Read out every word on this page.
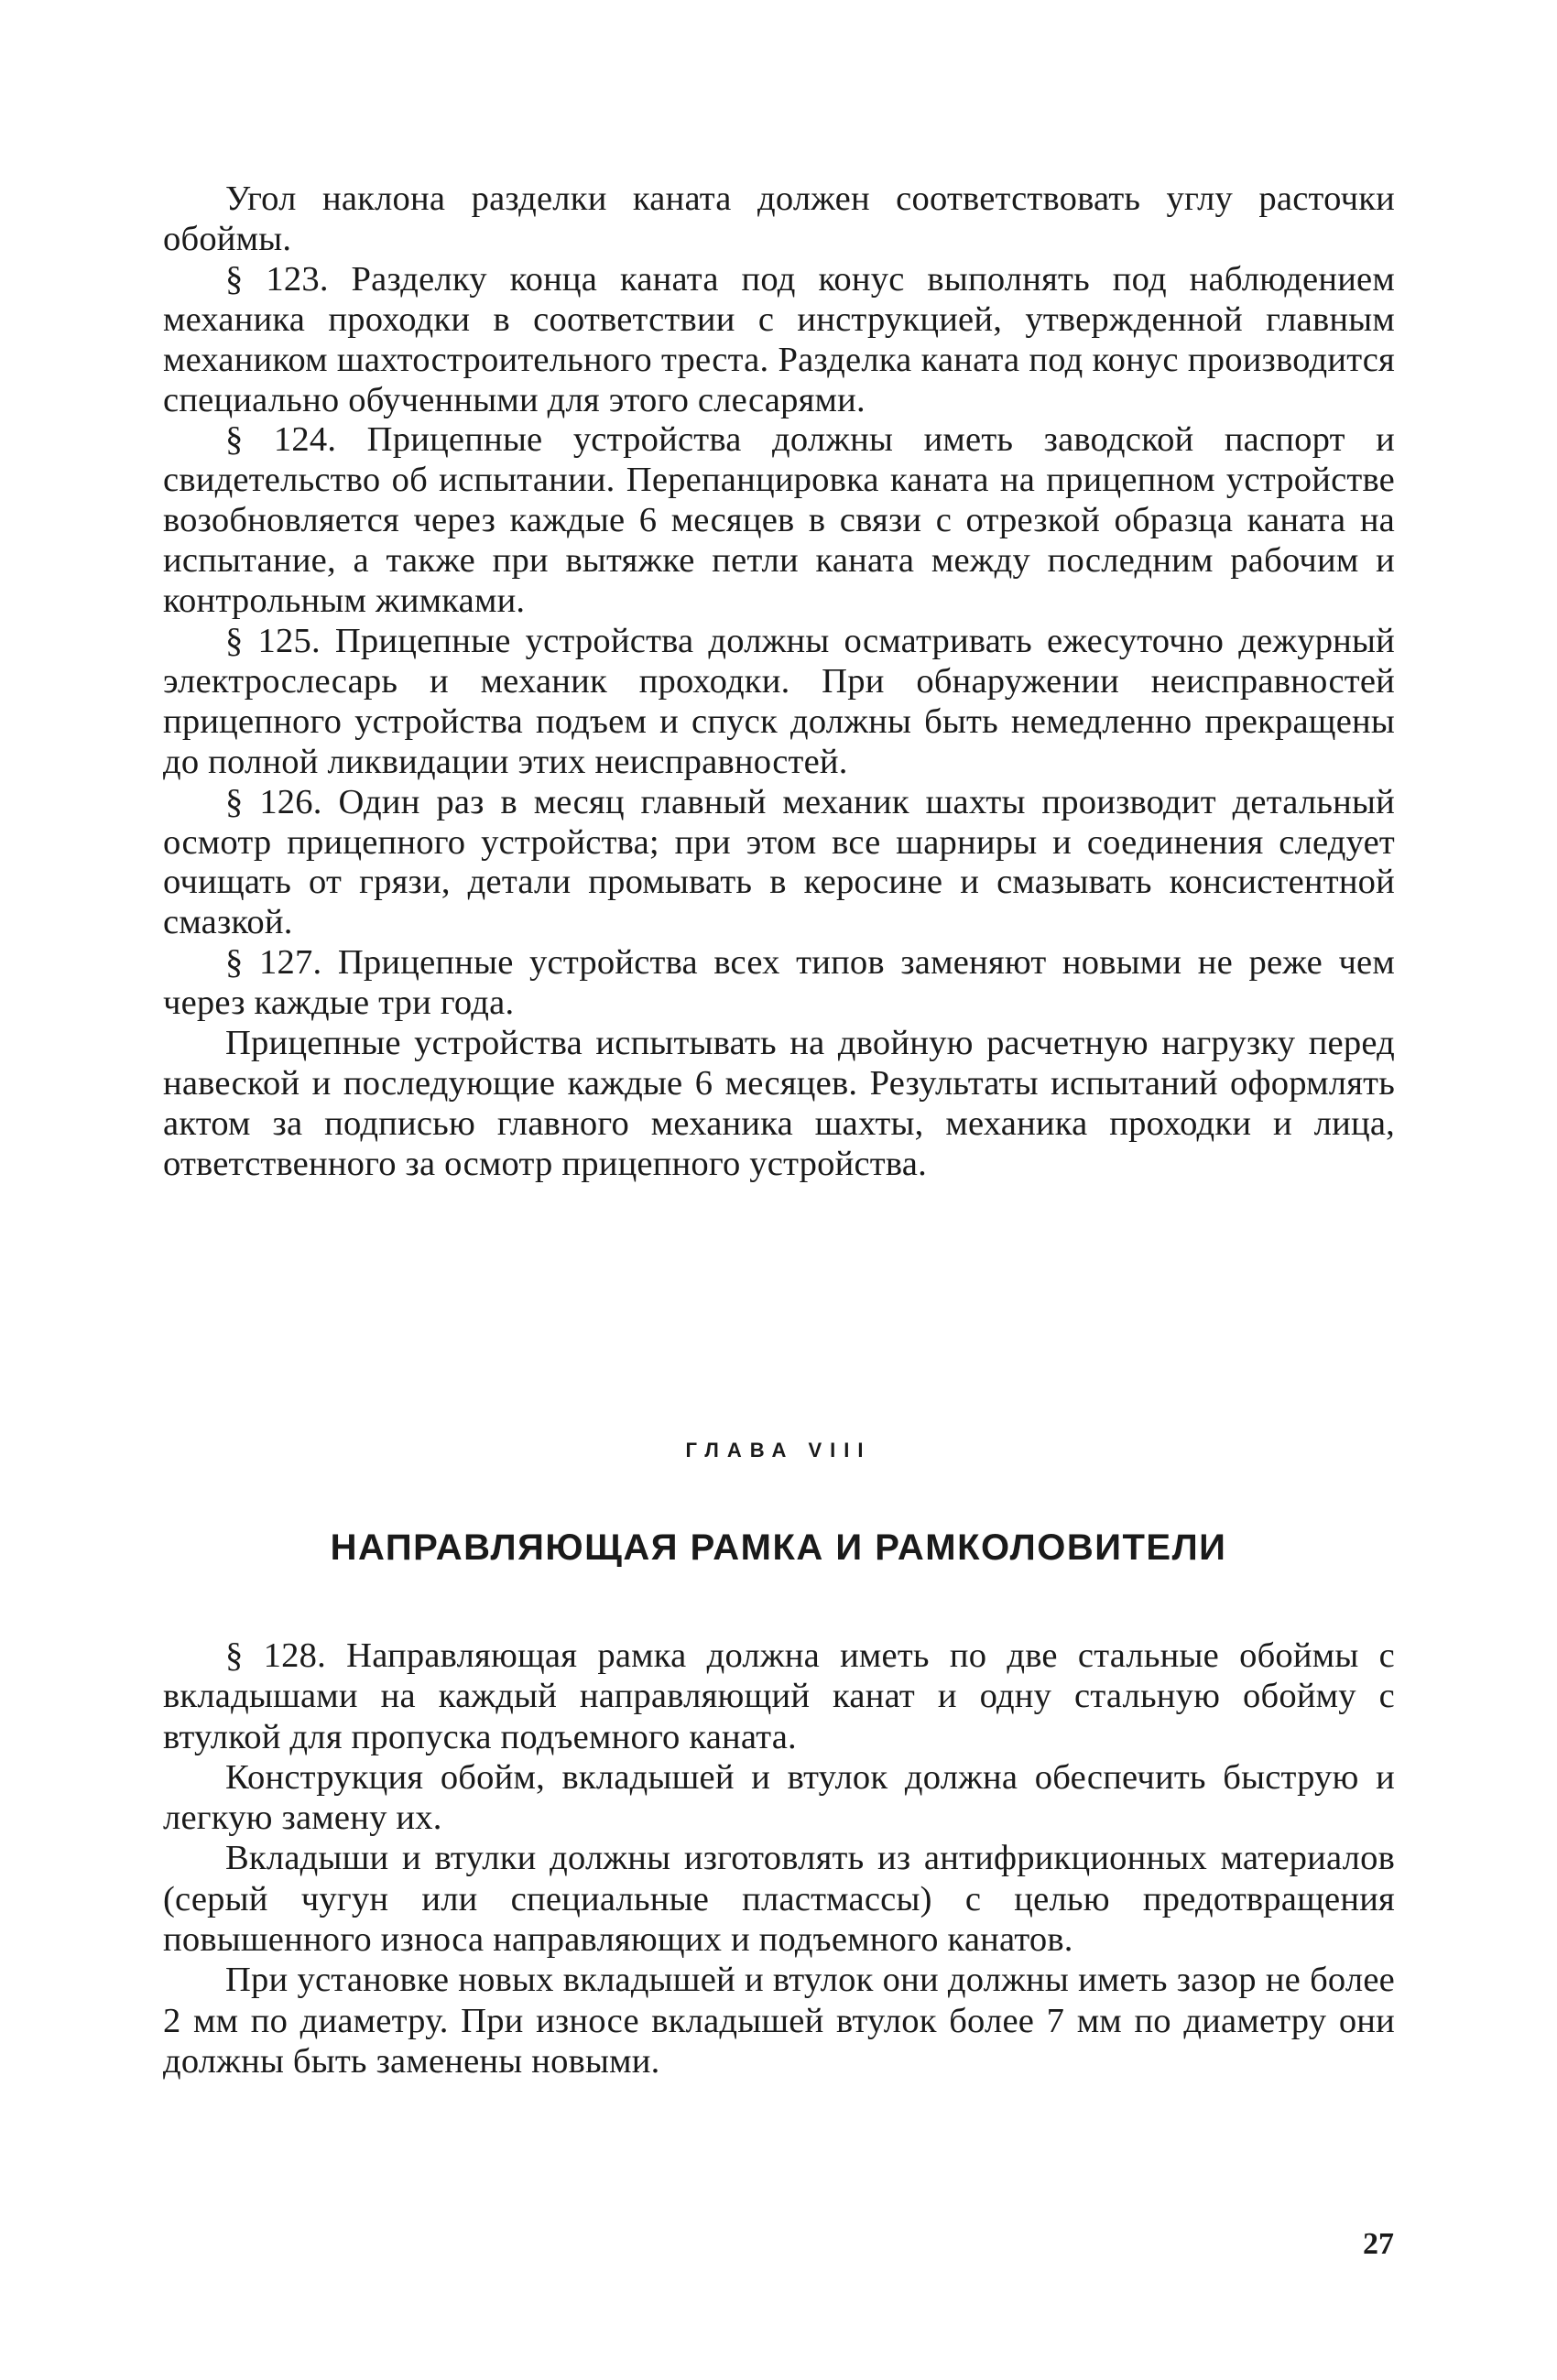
Угол наклона разделки каната должен соответствовать углу расточки обоймы.

§ 123. Разделку конца каната под конус выполнять под наблюдением механика проходки в соответствии с инструкцией, утвержденной главным механиком шахтостроительного треста. Разделка каната под конус производится специально обученными для этого слесарями.

§ 124. Прицепные устройства должны иметь заводской паспорт и свидетельство об испытании. Перепанцировка каната на прицепном устройстве возобновляется через каждые 6 месяцев в связи с отрезкой образца каната на испытание, а также при вытяжке петли каната между последним рабочим и контрольным жимками.

§ 125. Прицепные устройства должны осматривать ежесуточно дежурный электрослесарь и механик проходки. При обнаружении неисправностей прицепного устройства подъем и спуск должны быть немедленно прекращены до полной ликвидации этих неисправностей.

§ 126. Один раз в месяц главный механик шахты производит детальный осмотр прицепного устройства; при этом все шарниры и соединения следует очищать от грязи, детали промывать в керосине и смазывать консистентной смазкой.

§ 127. Прицепные устройства всех типов заменяют новыми не реже чем через каждые три года.

Прицепные устройства испытывать на двойную расчетную нагрузку перед навеской и последующие каждые 6 месяцев. Результаты испытаний оформлять актом за подписью главного механика шахты, механика проходки и лица, ответственного за осмотр прицепного устройства.

ГЛАВА VIII
НАПРАВЛЯЮЩАЯ РАМКА И РАМКОЛОВИТЕЛИ

§ 128. Направляющая рамка должна иметь по две стальные обоймы с вкладышами на каждый направляющий канат и одну стальную обойму с втулкой для пропуска подъемного каната.

Конструкция обойм, вкладышей и втулок должна обеспечить быструю и легкую замену их.

Вкладыши и втулки должны изготовлять из антифрикционных материалов (серый чугун или специальные пластмассы) с целью предотвращения повышенного износа направляющих и подъемного канатов.

При установке новых вкладышей и втулок они должны иметь зазор не более 2 мм по диаметру. При износе вкладышей втулок более 7 мм по диаметру они должны быть заменены новыми.

27
